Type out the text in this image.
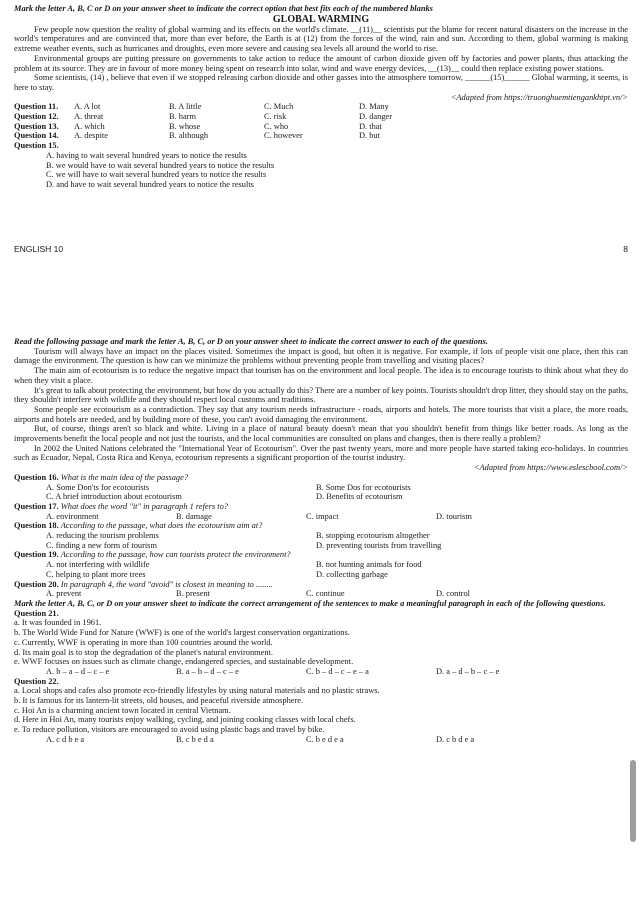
Mark the letter A, B, C or D on your answer sheet to indicate the correct option that best fits each of the numbered blanks
GLOBAL WARMING

Few people now question the reality of global warming and its effects on the world's climate. __(11)__ scientists put the blame for recent natural disasters on the increase in the world's temperatures and are convinced that, more than ever before, the Earth is at (12) from the forces of the wind, rain and sun. According to them, global warming is making extreme weather events, such as hurricanes and droughts, even more severe and causing sea levels all around the world to rise.

Environmental groups are putting pressure on governments to take action to reduce the amount of carbon dioxide given off by factories and power plants, thus attacking the problem at its source. They are in favour of more money being spent on research into solar, wind and wave energy devices, __(13)__ could then replace existing power stations.

Some scientists, (14) , believe that even if we stopped releasing carbon dioxide and other gasses into the atmosphere tomorrow, ______(15)______ Global warming, it seems, is here to stay.

<Adapted from https://truonghuemtiengankhtpt.vn/>
Question 11.	A. A lot	B. A little	C. Much	D. Many
Question 12.	A. threat	B. harm	C. risk	D. danger
Question 13.	A. which	B. whose	C. who	D. that
Question 14.	A. despite	B. although	C. however	D. but
Question 15.
A. having to wait several hundred years to notice the results
B. we would have to wait several hundred years to notice the results
C. we will have to wait several hundred years to notice the results
D. and have to wait several hundred years to notice the results
ENGLISH 10	8
Read the following passage and mark the letter A, B, C, or D on your answer sheet to indicate the correct answer to each of the questions.

Tourism will always have an impact on the places visited. Sometimes the impact is good, but often it is negative. For example, if lots of people visit one place, then this can damage the environment. The question is how can we minimize the problems without preventing people from travelling and visiting places?

The main aim of ecotourism is to reduce the negative impact that tourism has on the environment and local people. The idea is to encourage tourists to think about what they do when they visit a place.

It's great to talk about protecting the environment, but how do you actually do this? There are a number of key points. Tourists shouldn't drop litter, they should stay on the paths, they shouldn't interfere with wildlife and they should respect local customs and traditions.

Some people see ecotourism as a contradiction. They say that any tourism needs infrastructure - roads, airports and hotels. The more tourists that visit a place, the more roads, airports and hotels are needed, and by building more of these, you can't avoid damaging the environment.

But, of course, things aren't so black and white. Living in a place of natural beauty doesn't mean that you shouldn't benefit from things like better roads. As long as the improvements benefit the local people and not just the tourists, and the local communities are consulted on plans and changes, then is there really a problem?

In 2002 the United Nations celebrated the "International Year of Ecotourism". Over the past twenty years, more and more people have started taking eco-holidays. In countries such as Ecuador, Nepal, Costa Rica and Kenya, ecotourism represents a significant proportion of the tourist industry.

<Adapted from https://www.eslescbool.com/>
Question 16. What is the main idea of the passage?
A. Some Don'ts for ecotourists	B. Some Dos for ecotourists
C. A brief introduction about ecotourism	D. Benefits of ecotourism
Question 17. What does the word "it" in paragraph 1 refers to?
A. environment	B. damage	C. impact	D. tourism
Question 18. According to the passage, what does the ecotourism aim at?
A. reducing the tourism problems	B. stopping ecotourism altogether
C. finding a new form of tourism	D. preventing tourists from travelling
Question 19. According to the passage, how can tourists protect the environment?
A. not interfering with wildlife	B. not hunting animals for food
C. helping to plant more trees	D. collecting garbage
Question 20. In paragraph 4, the word "avoid" is closest in meaning to ........
A. prevent	B. present	C. continue	D. control
Mark the letter A, B, C, or D on your answer sheet to indicate the correct arrangement of the sentences to make a meaningful paragraph in each of the following questions.
Question 21.
a. It was founded in 1961.
b. The World Wide Fund for Nature (WWF) is one of the world's largest conservation organizations.
c. Currently, WWF is operating in more than 100 countries around the world.
d. Its main goal is to stop the degradation of the planet's natural environment.
e. WWF focuses on issues such as climate change, endangered species, and sustainable development.
A. b – a – d – c – e	B. a – b – d – c – e	C. b – d – c – e – a	D. a – d – b – c – e
Question 22.
a. Local shops and cafes also promote eco-friendly lifestyles by using natural materials and no plastic straws.
b. It is famous for its lantern-lit streets, old houses, and peaceful riverside atmosphere.
c. Hoi An is a charming ancient town located in central Vietnam.
d. Here in Hoi An, many tourists enjoy walking, cycling, and joining cooking classes with local chefs.
e. To reduce pollution, visitors are encouraged to avoid using plastic bags and travel by bike.
A. c d b e a	B. c b e d a	C. b e d e a	D. c b d e a
